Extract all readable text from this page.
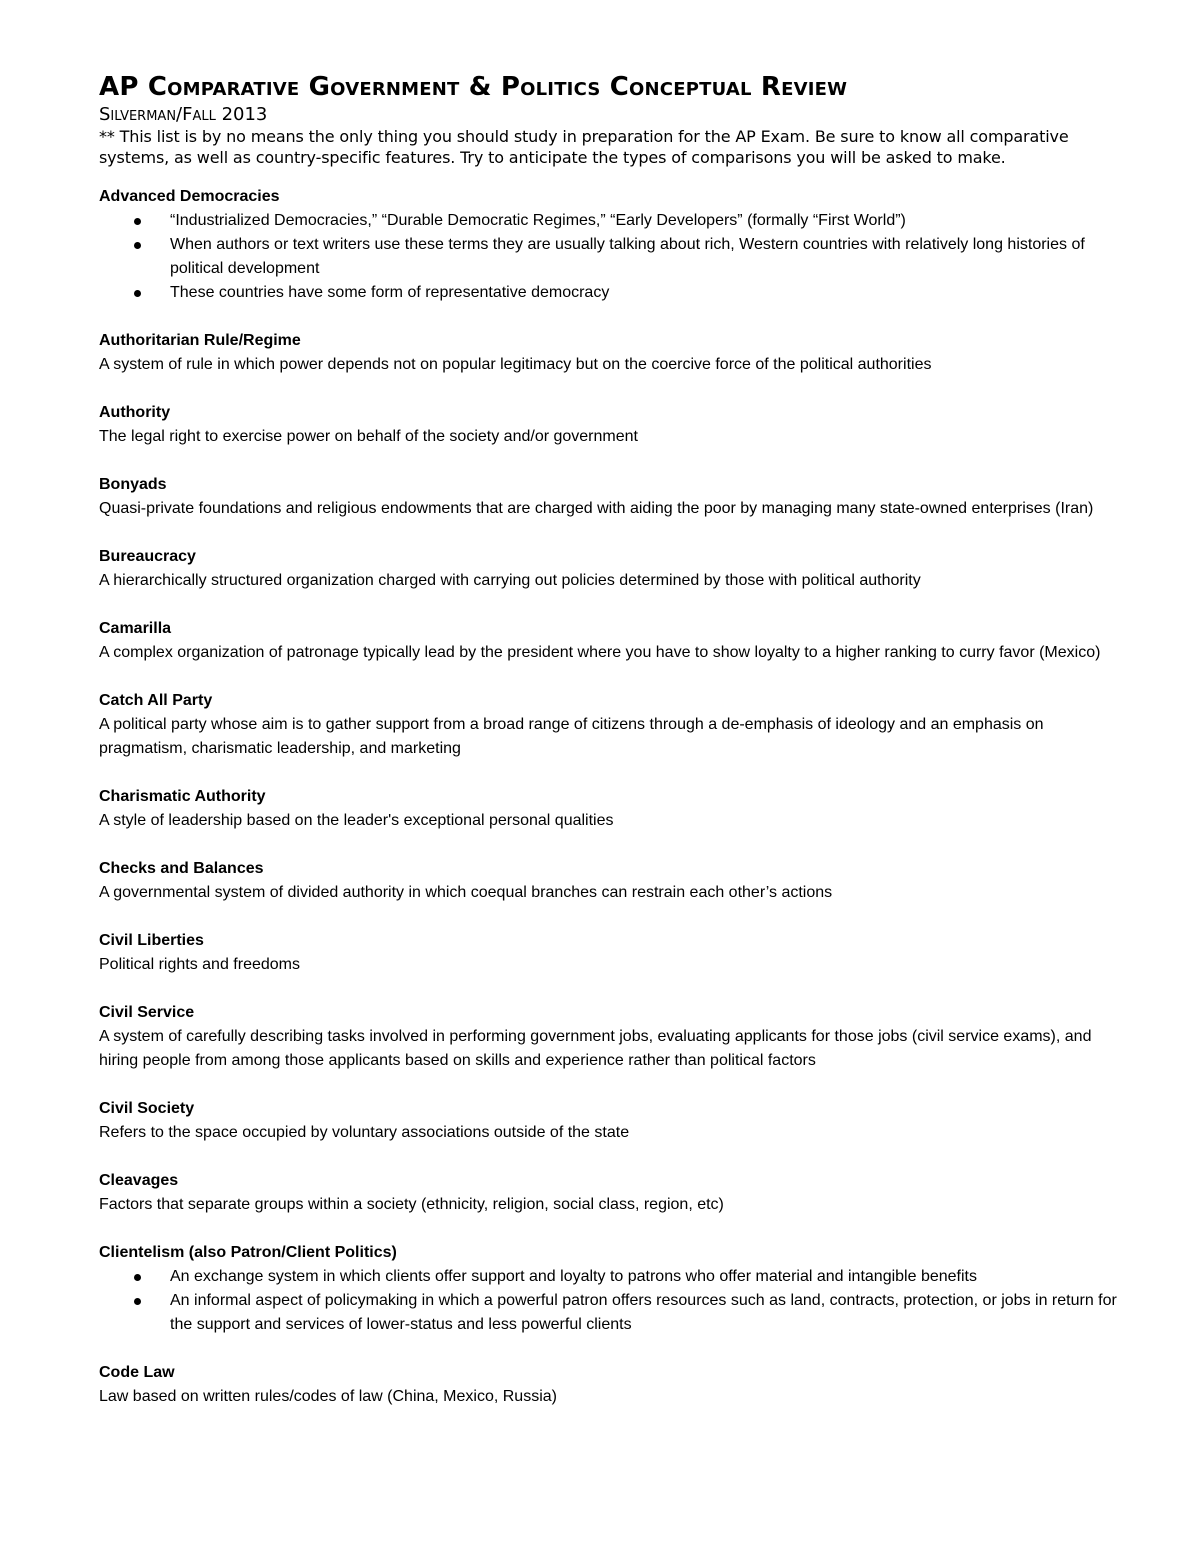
AP Comparative Government & Politics Conceptual Review
Silverman/Fall 2013

** This list is by no means the only thing you should study in preparation for the AP Exam. Be sure to know all comparative systems, as well as country-specific features. Try to anticipate the types of comparisons you will be asked to make.

Advanced Democracies
“Industrialized Democracies,” “Durable Democratic Regimes,” “Early Developers” (formally “First World”)
When authors or text writers use these terms they are usually talking about rich, Western countries with relatively long histories of political development
These countries have some form of representative democracy
Authoritarian Rule/Regime
A system of rule in which power depends not on popular legitimacy but on the coercive force of the political authorities
Authority
The legal right to exercise power on behalf of the society and/or government
Bonyads
Quasi-private foundations and religious endowments that are charged with aiding the poor by managing many state-owned enterprises (Iran)
Bureaucracy
A hierarchically structured organization charged with carrying out policies determined by those with political authority
Camarilla
A complex organization of patronage typically lead by the president where you have to show loyalty to a higher ranking to curry favor (Mexico)
Catch All Party
A political party whose aim is to gather support from a broad range of citizens through a de-emphasis of ideology and an emphasis on pragmatism, charismatic leadership, and marketing
Charismatic Authority
A style of leadership based on the leader's exceptional personal qualities
Checks and Balances
A governmental system of divided authority in which coequal branches can restrain each other’s actions
Civil Liberties
Political rights and freedoms
Civil Service
A system of carefully describing tasks involved in performing government jobs, evaluating applicants for those jobs (civil service exams), and hiring people from among those applicants based on skills and experience rather than political factors
Civil Society
Refers to the space occupied by voluntary associations outside of the state
Cleavages
Factors that separate groups within a society (ethnicity, religion, social class, region, etc)
Clientelism (also Patron/Client Politics)
An exchange system in which clients offer support and loyalty to patrons who offer material and intangible benefits
An informal aspect of policymaking in which a powerful patron offers resources such as land, contracts, protection, or jobs in return for the support and services of lower-status and less powerful clients
Code Law
Law based on written rules/codes of law (China, Mexico, Russia)
